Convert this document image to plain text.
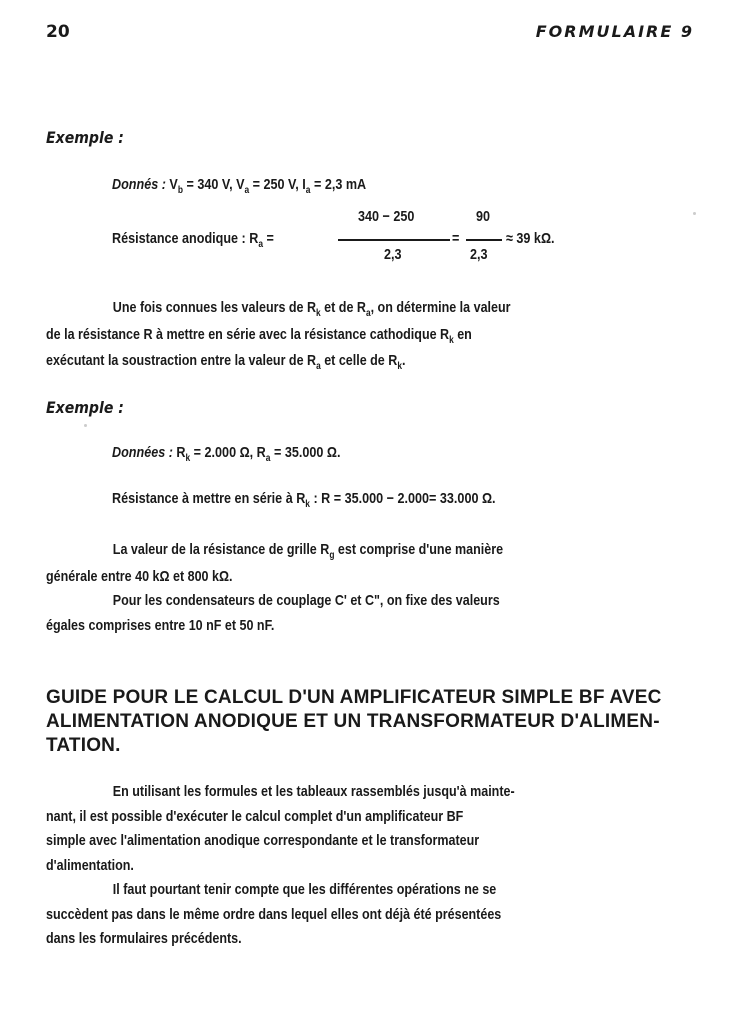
20	FORMULAIRE 9
Exemple :
Donnés : $V_b = 340$ V, $V_a = 250$ V, $I_a = 2,3$ mA
Résistance anodique : $R_a$ =
340 − 250
2,3
=
90
2,3
≈ 39 kΩ.
Une fois connues les valeurs de $R_k$ et de $R_a$, on détermine la valeur
de la résistance R à mettre en série avec la résistance cathodique $R_k$ en
exécutant la soustraction entre la valeur de $R_a$ et celle de $R_k$.
Exemple :
Données : $R_k = 2.000$ Ω, $R_a = 35.000$ Ω.
Résistance à mettre en série à $R_k$ : R = 35.000 − 2.000= 33.000 Ω.
La valeur de la résistance de grille $R_g$ est comprise d'une manière
générale entre 40 kΩ et 800 kΩ.
Pour les condensateurs de couplage C' et C", on fixe des valeurs
égales comprises entre 10 nF et 50 nF.
GUIDE POUR LE CALCUL D'UN AMPLIFICATEUR SIMPLE BF AVEC
ALIMENTATION ANODIQUE ET UN TRANSFORMATEUR D'ALIMEN-
TATION.
En utilisant les formules et les tableaux rassemblés jusqu'à mainte-
nant, il est possible d'exécuter le calcul complet d'un amplificateur BF
simple avec l'alimentation anodique correspondante et le transformateur
d'alimentation.
Il faut pourtant tenir compte que les différentes opérations ne se
succèdent pas dans le même ordre dans lequel elles ont déjà été présentées
dans les formulaires précédents.
